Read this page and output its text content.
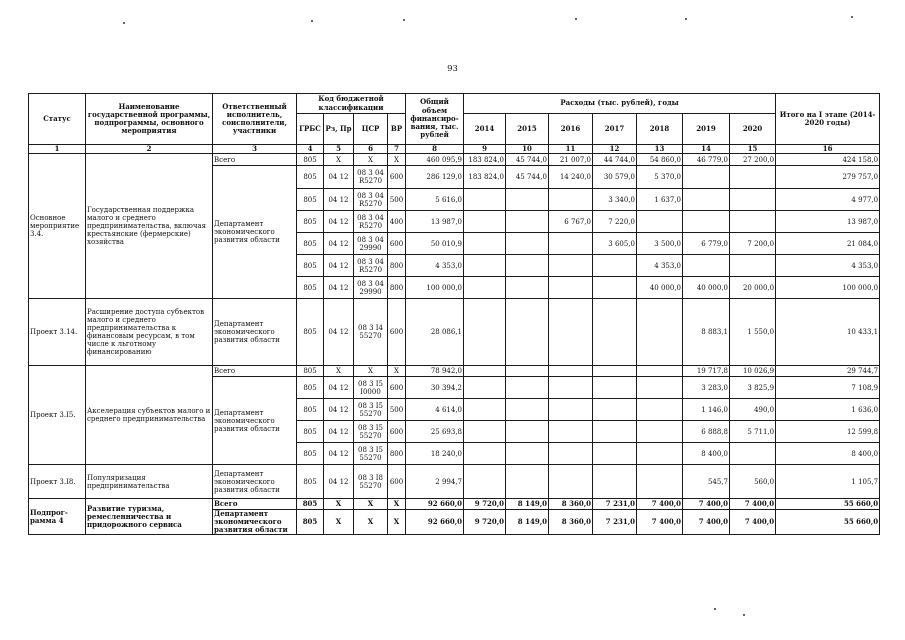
93
Статус	Наименование государственной программы, подпрограммы, основного мероприятия	Ответственный исполнитель, соисполнители, участники	Код бюджетной классификации				Общий объем финансиро-вания, тыс. рублей	Расходы (тыс. рублей), годы							Итого на I этапе (2014-2020 годы)
			ГРБС	Рз, Пр	ЦСР	ВР		2014	2015	2016	2017	2018	2019	2020	
1	2	3	4	5	6	7	8	9	10	11	12	13	14	15	16
Основное мероприятие 3.4.	Государственная поддержка малого и среднего предпринимательства, включая крестьянские (фермерские) хозяйства	Всего	805	Х	Х	Х	460 095,9	183 824,0	45 744,0	21 007,0	44 744,0	54 860,0	46 779,0	27 200,0	424 158,0
		Департамент экономического развития области	805	04 12	08 3 04 R5270	600	286 129,0	183 824,0	45 744,0	14 240,0	30 579,0	5 370,0			279 757,0
			805	04 12	08 3 04 R5270	500	5 616,0				3 340,0	1 637,0			4 977,0
			805	04 12	08 3 04 R5270	400	13 987,0			6 767,0	7 220,0				13 987,0
			805	04 12	08 3 04 29990	600	50 010,9				3 605,0	3 500,0	6 779,0	7 200,0	21 084,0
			805	04 12	08 3 04 R5270	800	4 353,0					4 353,0			4 353,0
			805	04 12	08 3 04 29990	800	100 000,0					40 000,0	40 000,0	20 000,0	100 000,0
Проект 3.14.	Расширение доступа субъектов малого и среднего предпринимательства к финансовым ресурсам, в том числе к льготному финансированию	Департамент экономического развития области	805	04 12	08 3 I4 55270	600	28 086,1						8 883,1	1 550,0	10 433,1
Проект 3.I5.	Акселерация субъектов малого и среднего предпринимательства	Всего	805	Х	Х	Х	78 942,0						19 717,8	10 026,9	29 744,7
		Департамент экономического развития области	805	04 12	08 3 I5 I0000	600	30 394,2						3 283,0	3 825,9	7 108,9
			805	04 12	08 3 I5 55270	500	4 614,0						1 146,0	490,0	1 636,0
			805	04 12	08 3 I5 55270	600	25 693,8						6 888,8	5 711,0	12 599,8
			805	04 12	08 3 I5 55270	800	18 240,0						8 400,0		8 400,0
Проект 3.I8.	Популяризация предпринимательства	Департамент экономического развития области	805	04 12	08 3 I8 55270	600	2 994,7						545,7	560,0	1 105,7
Подпрог-рамма 4	Развитие туризма, ремесленничества и придорожного сервиса	Всего	805	Х	Х	Х	92 660,0	9 720,0	8 149,0	8 360,0	7 231,0	7 400,0	7 400,0	7 400,0	55 660,0
		Департамент экономического развития области	805	Х	Х	Х	92 660,0	9 720,0	8 149,0	8 360,0	7 231,0	7 400,0	7 400,0	7 400,0	55 660,0
